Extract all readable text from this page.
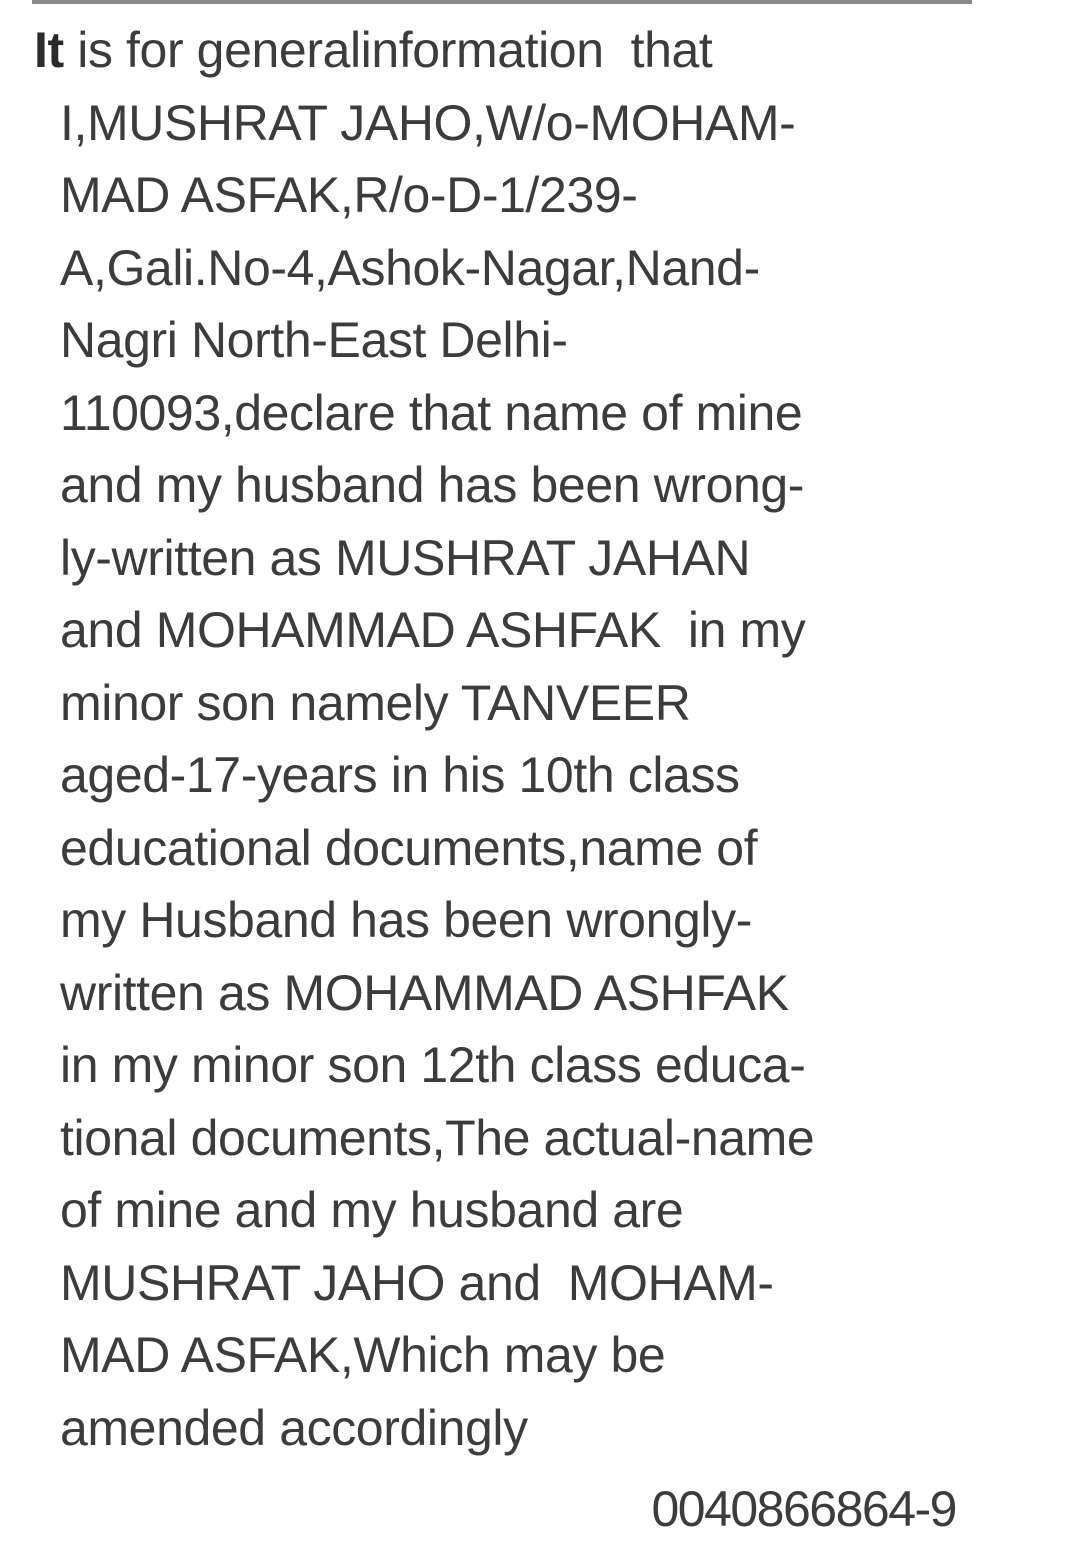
It is for generalinformation  that
I,MUSHRAT JAHO,W/o-MOHAM-
MAD ASFAK,R/o-D-1/239-
A,Gali.No-4,Ashok-Nagar,Nand-
Nagri North-East Delhi-
110093,declare that name of mine
and my husband has been wrong-
ly-written as MUSHRAT JAHAN
and MOHAMMAD ASHFAK  in my
minor son namely TANVEER
aged-17-years in his 10th class
educational documents,name of
my Husband has been wrongly-
written as MOHAMMAD ASHFAK
in my minor son 12th class educa-
tional documents,The actual-name
of mine and my husband are
MUSHRAT JAHO and  MOHAM-
MAD ASFAK,Which may be
amended accordingly
0040866864-9
